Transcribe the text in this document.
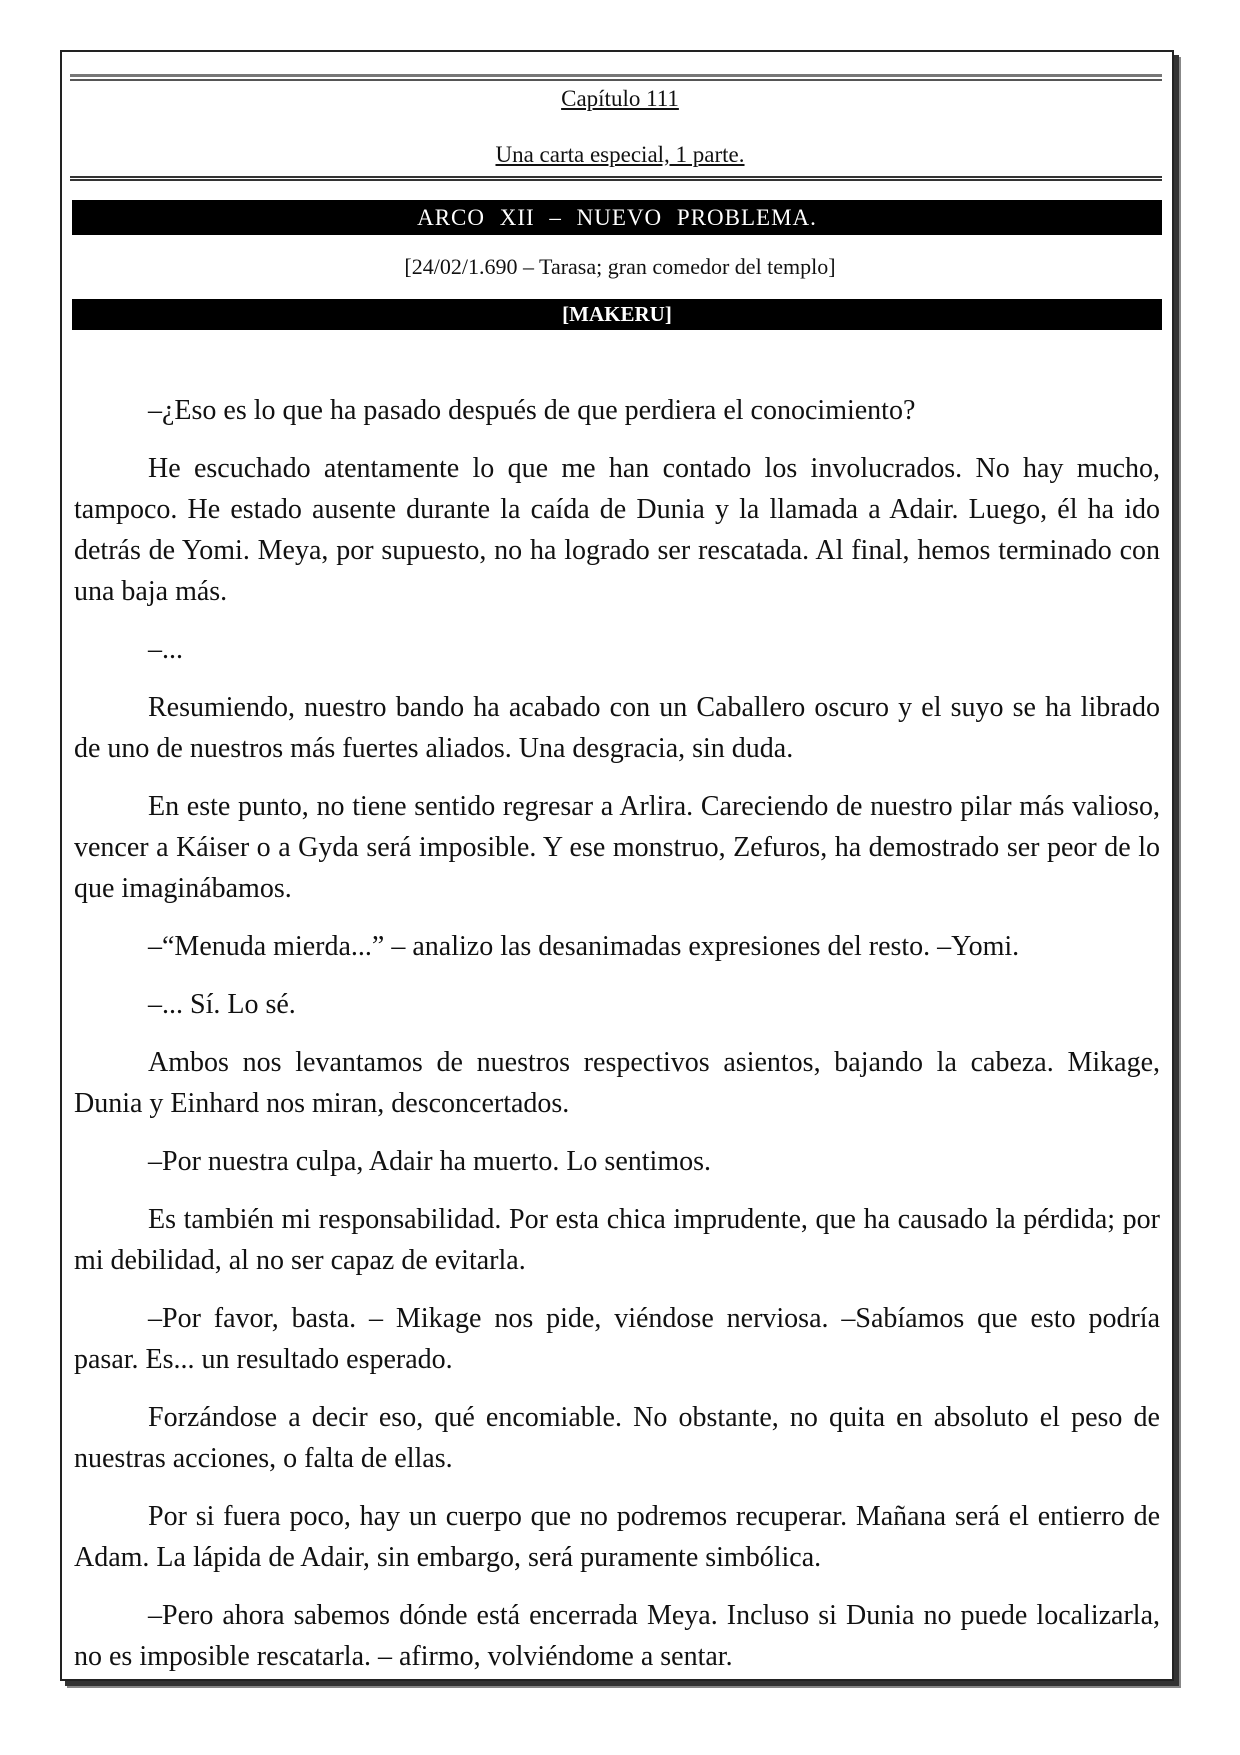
Capítulo 111
Una carta especial, 1 parte.
ARCO XII – NUEVO PROBLEMA.
[24/02/1.690 – Tarasa; gran comedor del templo]
[MAKERU]

–¿Eso es lo que ha pasado después de que perdiera el conocimiento?

He escuchado atentamente lo que me han contado los involucrados. No hay mucho, tampoco. He estado ausente durante la caída de Dunia y la llamada a Adair. Luego, él ha ido detrás de Yomi. Meya, por supuesto, no ha logrado ser rescatada. Al final, hemos terminado con una baja más.

–...

Resumiendo, nuestro bando ha acabado con un Caballero oscuro y el suyo se ha librado de uno de nuestros más fuertes aliados. Una desgracia, sin duda.

En este punto, no tiene sentido regresar a Arlira. Careciendo de nuestro pilar más valioso, vencer a Káiser o a Gyda será imposible. Y ese monstruo, Zefuros, ha demostrado ser peor de lo que imaginábamos.

–“Menuda mierda...” – analizo las desanimadas expresiones del resto. –Yomi.

–... Sí. Lo sé.

Ambos nos levantamos de nuestros respectivos asientos, bajando la cabeza. Mikage, Dunia y Einhard nos miran, desconcertados.

–Por nuestra culpa, Adair ha muerto. Lo sentimos.

Es también mi responsabilidad. Por esta chica imprudente, que ha causado la pérdida; por mi debilidad, al no ser capaz de evitarla.

–Por favor, basta. – Mikage nos pide, viéndose nerviosa. –Sabíamos que esto podría pasar. Es... un resultado esperado.

Forzándose a decir eso, qué encomiable. No obstante, no quita en absoluto el peso de nuestras acciones, o falta de ellas.

Por si fuera poco, hay un cuerpo que no podremos recuperar. Mañana será el entierro de Adam. La lápida de Adair, sin embargo, será puramente simbólica.

–Pero ahora sabemos dónde está encerrada Meya. Incluso si Dunia no puede localizarla, no es imposible rescatarla. – afirmo, volviéndome a sentar.
